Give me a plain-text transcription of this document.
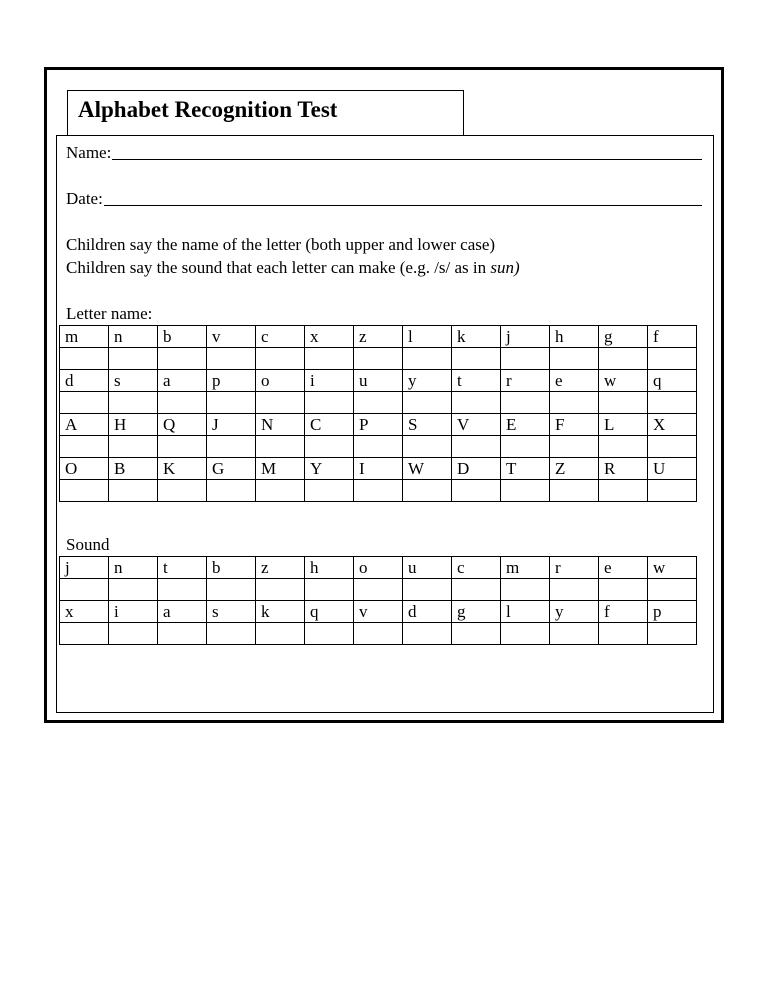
Alphabet Recognition Test
Name:
Date:
Children say the name of the letter (both upper and lower case)
Children say the sound that each letter can make (e.g. /s/ as in sun)
Letter name:
m	n	b	v	c	x	z	l	k	j	h	g	f

d	s	a	p	o	i	u	y	t	r	e	w	q

A	H	Q	J	N	C	P	S	V	E	F	L	X

O	B	K	G	M	Y	I	W	D	T	Z	R	U

Sound
j	n	t	b	z	h	o	u	c	m	r	e	w

x	i	a	s	k	q	v	d	g	l	y	f	p
